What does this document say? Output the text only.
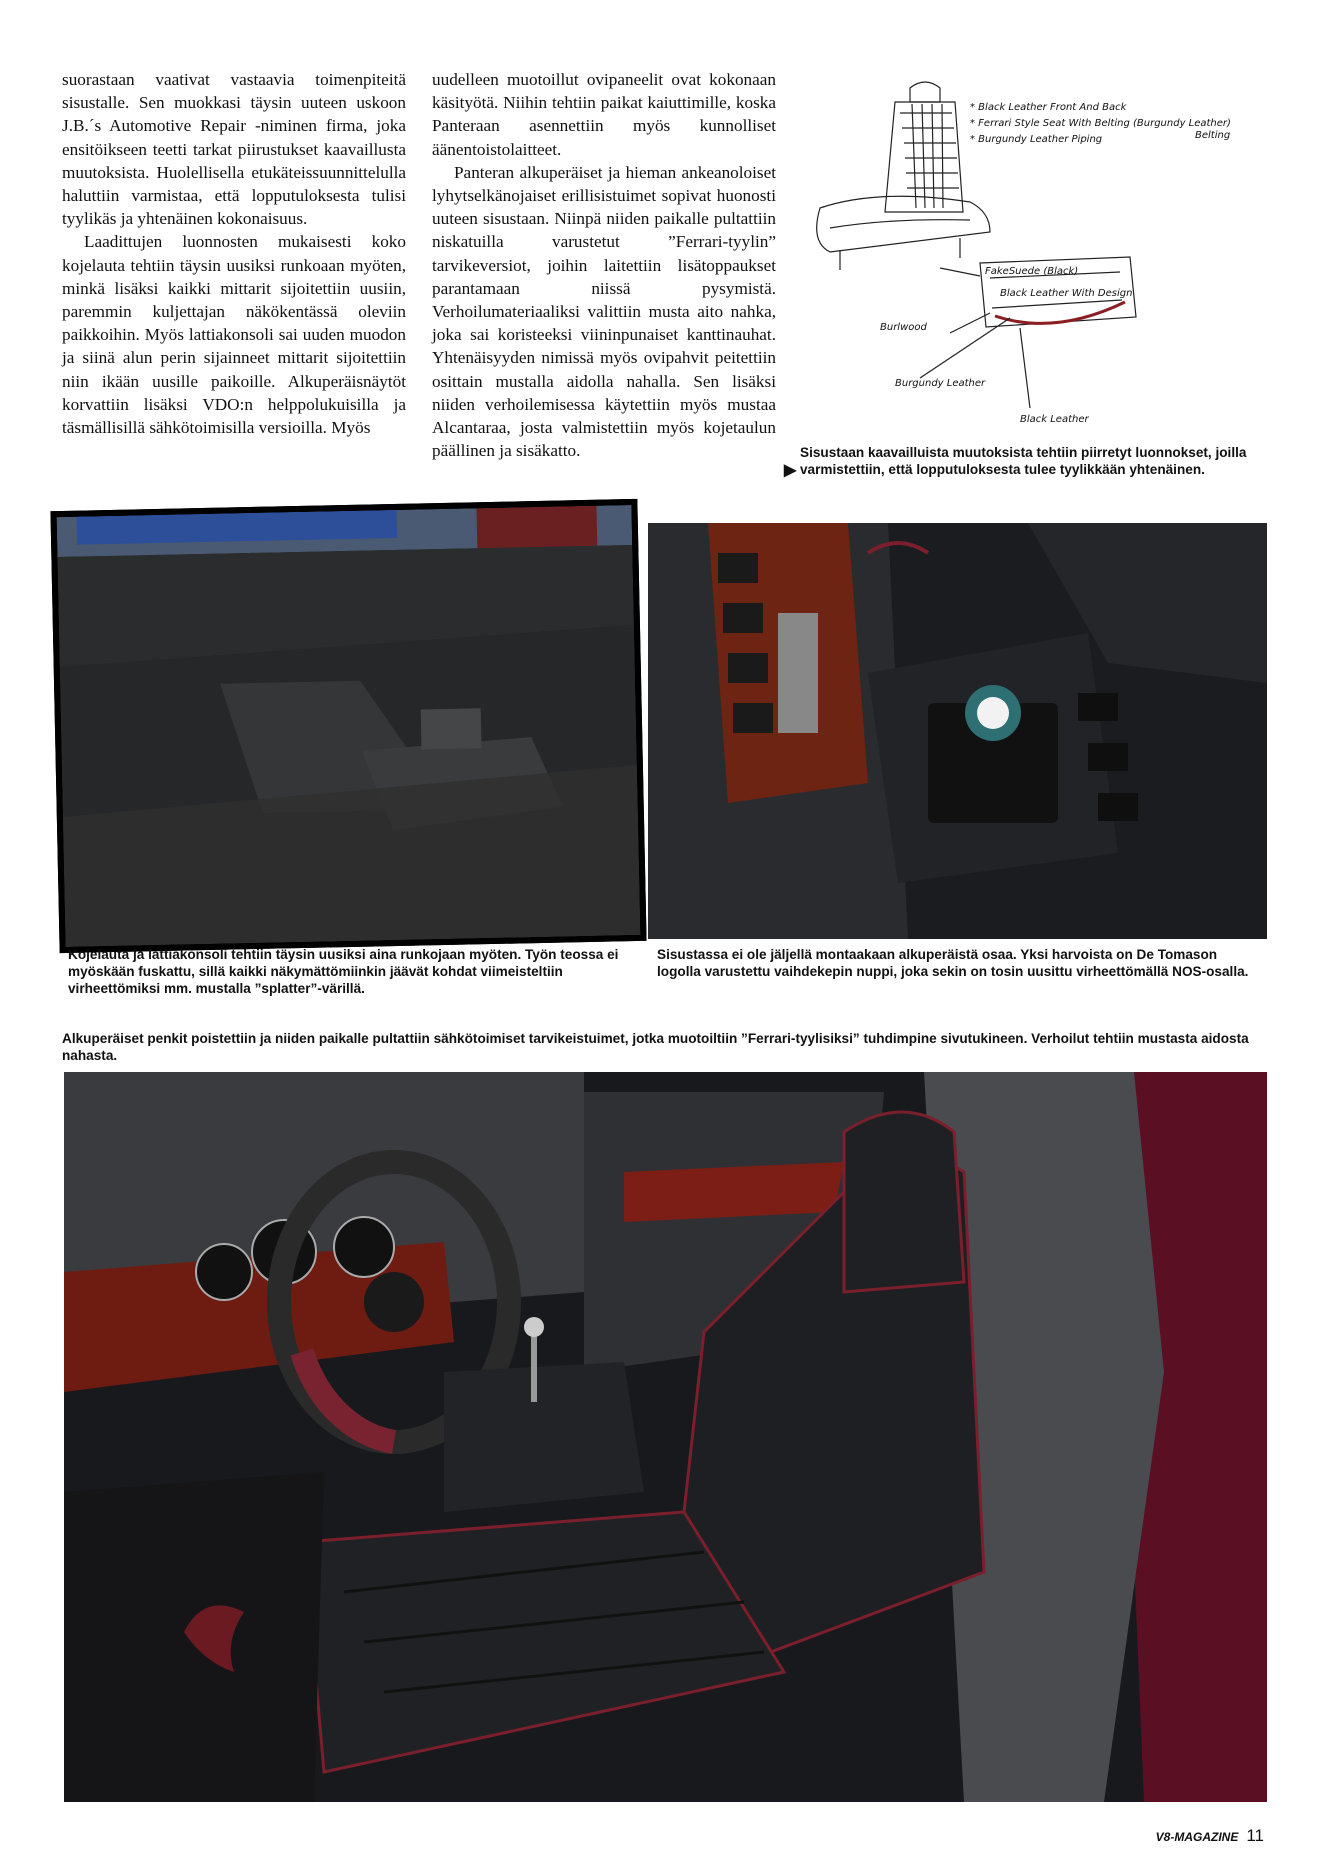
suorastaan vaativat vastaavia toimenpiteitä sisustalle. Sen muokkasi täysin uuteen uskoon J.B.´s Automotive Repair -niminen firma, joka ensitöikseen teetti tarkat piirustukset kaavaillusta muutoksista. Huolellisella etukäteissuunnittelulla haluttiin varmistaa, että lopputuloksesta tulisi tyylikäs ja yhtenäinen kokonaisuus.

Laadittujen luonnosten mukaisesti koko kojelauta tehtiin täysin uusiksi runkoaan myöten, minkä lisäksi kaikki mittarit sijoitettiin uusiin, paremmin kuljettajan näkökentässä oleviin paikkoihin. Myös lattiakonsoli sai uuden muodon ja siinä alun perin sijainneet mittarit sijoitettiin niin ikään uusille paikoille. Alkuperäisnäytöt korvattiin lisäksi VDO:n helppolukuisilla ja täsmällisillä sähkötoimisilla versioilla. Myös

uudelleen muotoillut ovipaneelit ovat kokonaan käsityötä. Niihin tehtiin paikat kaiuttimille, koska Panteraan asennettiin myös kunnolliset äänentoistolaitteet.

Panteran alkuperäiset ja hieman ankeanoloiset lyhytselkänojaiset erillisistuimet sopivat huonosti uuteen sisustaan. Niinpä niiden paikalle pultattiin niskatuilla varustetut ”Ferrari-tyylin” tarvikeversiot, joihin laitettiin lisätoppaukset parantamaan niissä pysymistä. Verhoilumateriaaliksi valittiin musta aito nahka, joka sai koristeeksi viininpunaiset kanttinauhat. Yhtenäisyyden nimissä myös ovipahvit peitettiin osittain mustalla aidolla nahalla. Sen lisäksi niiden verhoilemisessa käytettiin myös mustaa Alcantaraa, josta valmistettiin myös kojetaulun päällinen ja sisäkatto.

* Black Leather Front And Back
* Ferrari Style Seat With Belting (Burgundy Leather)
* Burgundy Leather Piping	Belting
FakeSuede (Black)
Black Leather With Design
Burlwood
Burgundy Leather
Black Leather
▶
Sisustaan kaavailluista muutoksista tehtiin piirretyt luonnokset, joilla varmistettiin, että lopputuloksesta tulee tyylikkään yhtenäinen.
Kojelauta ja lattiakonsoli tehtiin täysin uusiksi aina runkojaan myöten. Työn teossa ei myöskään fuskattu, sillä kaikki näkymättömiinkin jäävät kohdat viimeisteltiin virheettömiksi mm. mustalla ”splatter”-värillä.
Sisustassa ei ole jäljellä montaakaan alkuperäistä osaa. Yksi harvoista on De Tomason logolla varustettu vaihdekepin nuppi, joka sekin on tosin uusittu virheettömällä NOS-osalla.
Alkuperäiset penkit poistettiin ja niiden paikalle pultattiin sähkötoimiset tarvikeistuimet, jotka muotoiltiin ”Ferrari-tyylisiksi” tuhdimpine sivutukineen. Verhoilut tehtiin mustasta aidosta nahasta.
V8-MAGAZINE 11
